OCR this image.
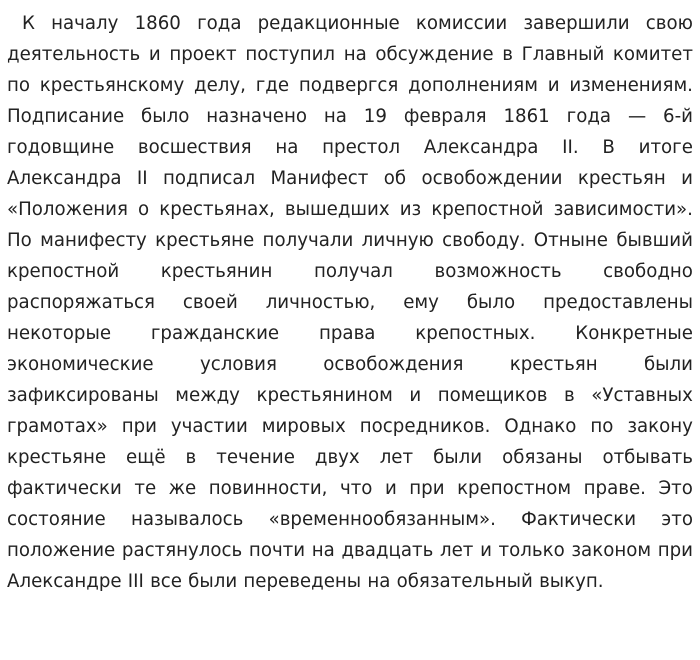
К началу 1860 года редакционные комиссии завершили свою
деятельность и проект поступил на обсуждение в Главный комитет
по крестьянскому делу, где подвергся дополнениям и изменениям.
Подписание было назначено на 19 февраля 1861 года — 6-й
годовщине восшествия на престол Александра II. В итоге
Александра II подписал Манифест об освобождении крестьян и
«Положения о крестьянах, вышедших из крепостной зависимости».
По манифесту крестьяне получали личную свободу. Отныне бывший
крепостной крестьянин получал возможность свободно
распоряжаться своей личностью, ему было предоставлены
некоторые гражданские права крепостных. Конкретные
экономические	условия	освобождения	крестьян	были
зафиксированы между крестьянином и помещиков в «Уставных
грамотах» при участии мировых посредников. Однако по закону
крестьяне ещё в течение двух лет были обязаны отбывать
фактически те же повинности, что и при крепостном праве. Это
состояние называлось «временнообязанным». Фактически это
положение растянулось почти на двадцать лет и только законом при
Александре III все были переведены на обязательный выкуп.
